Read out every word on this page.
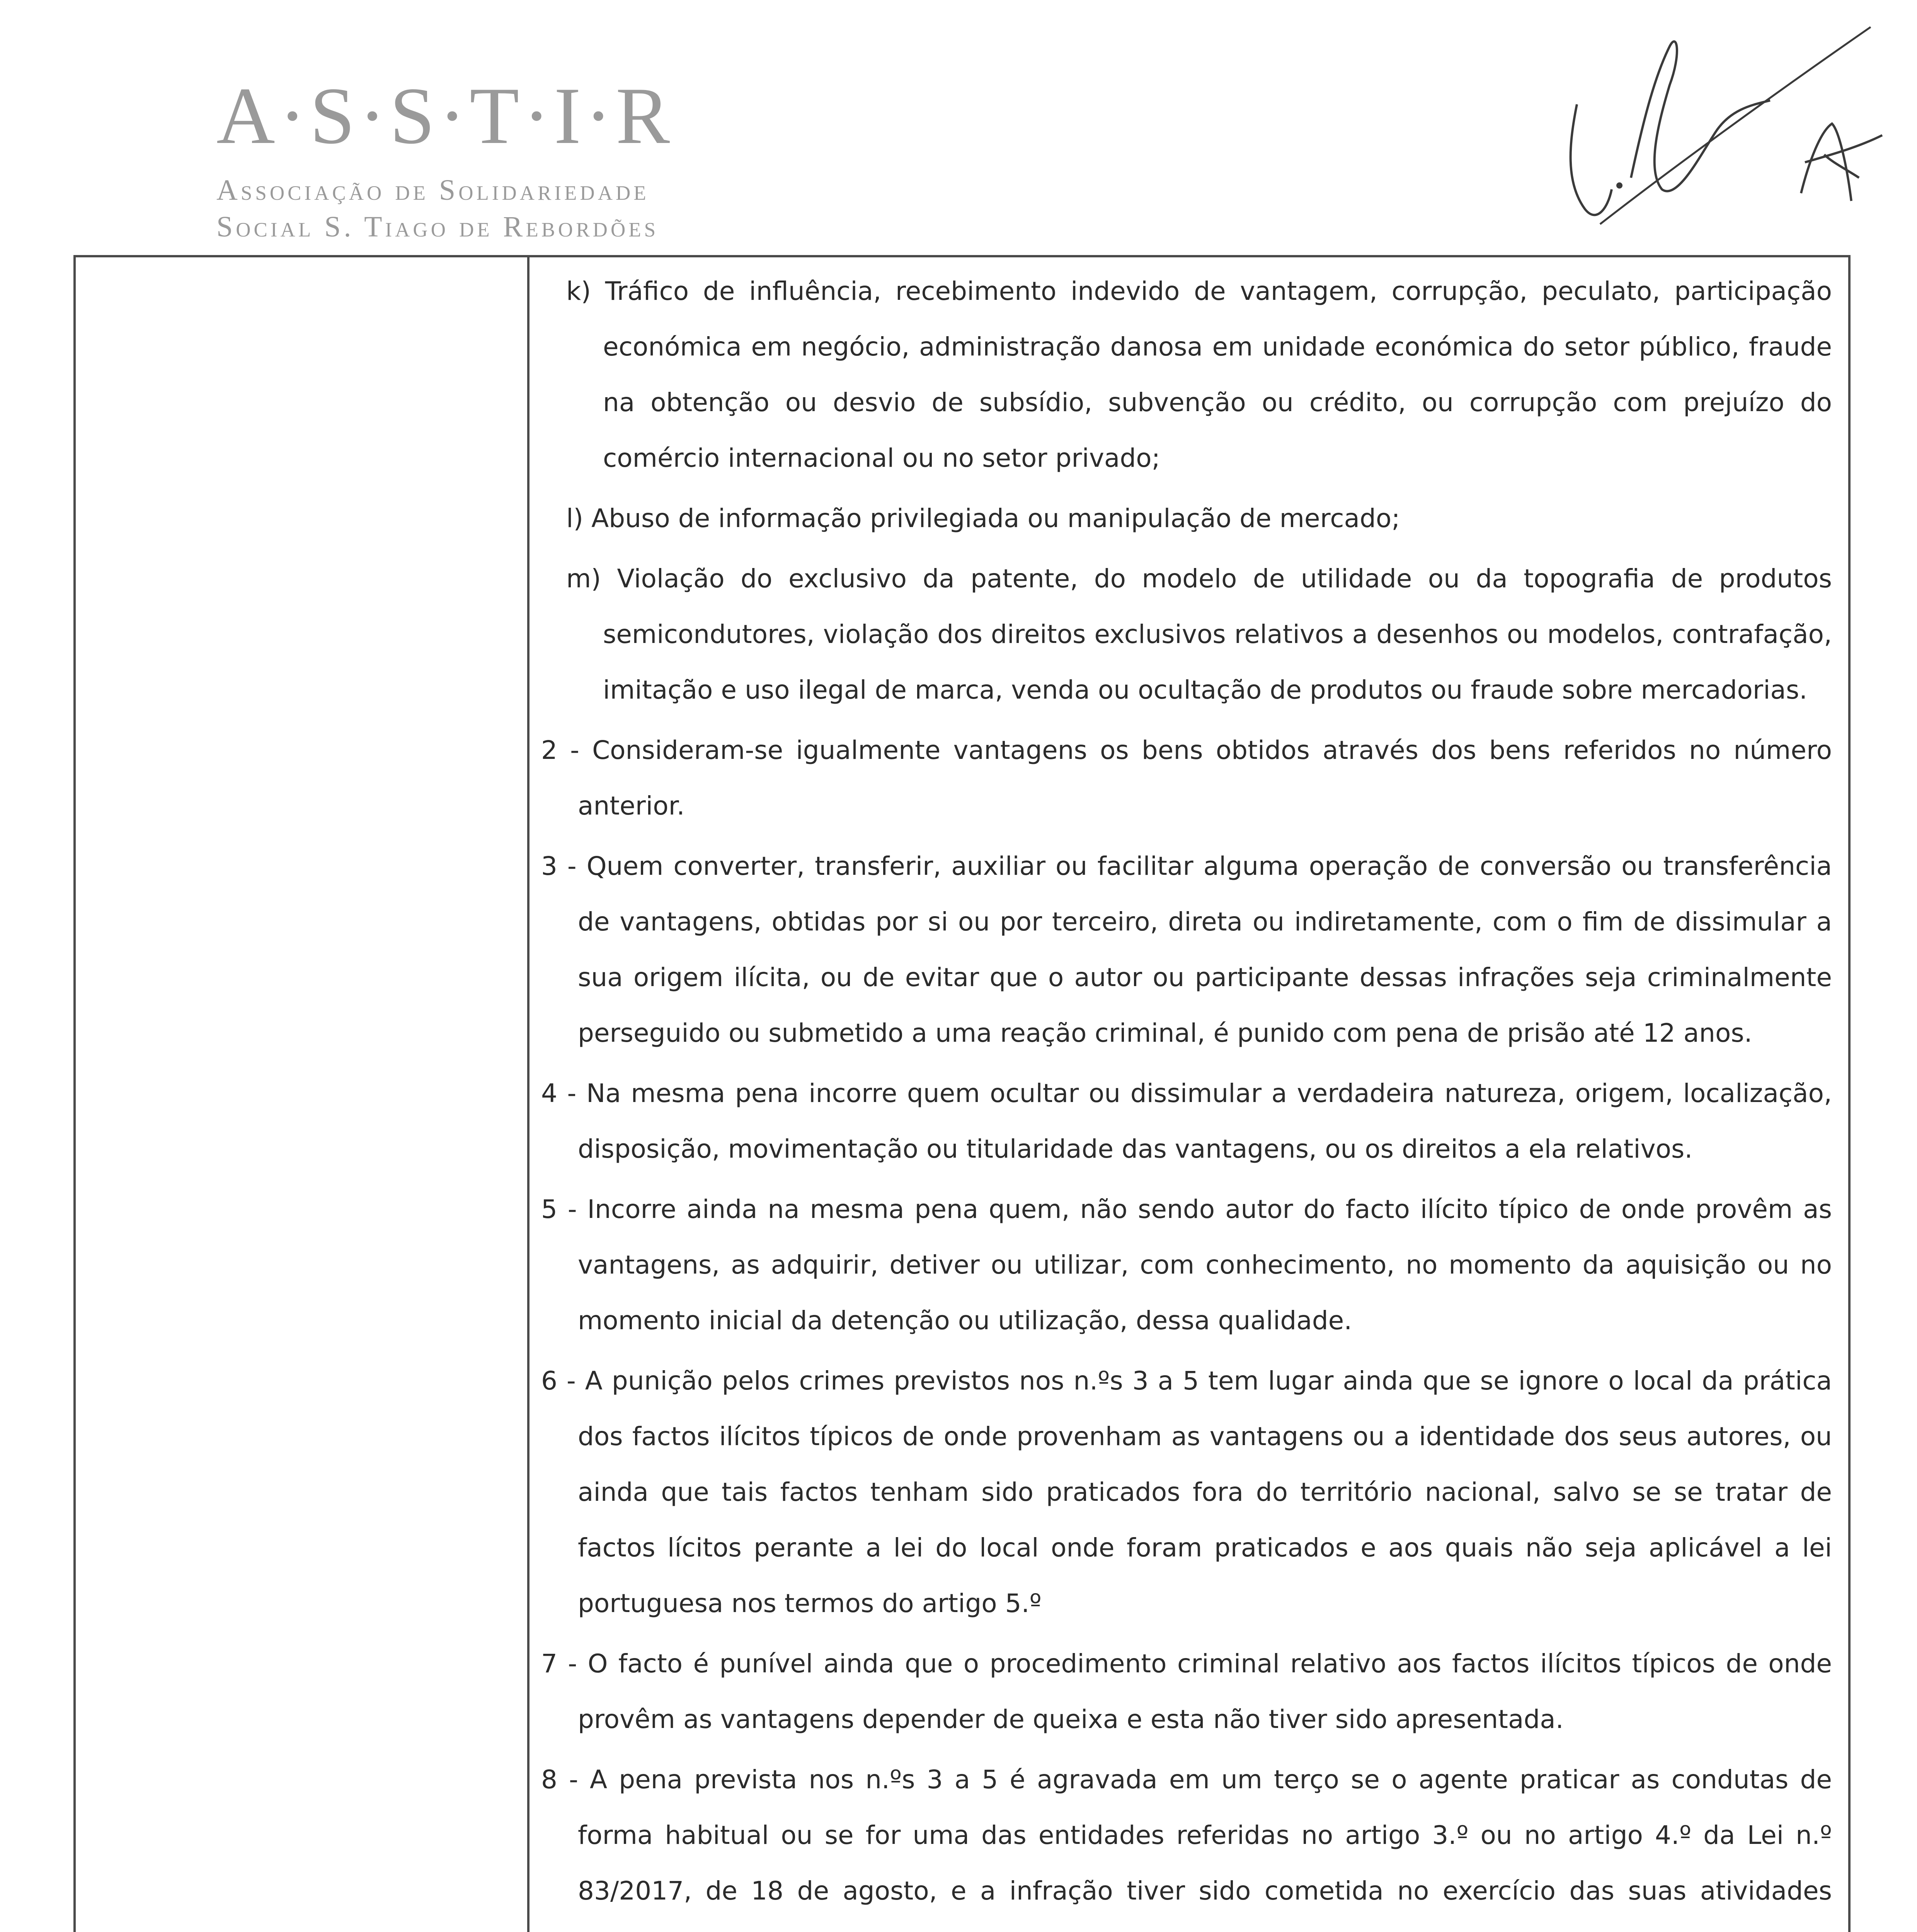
A·S·S·T·I·R
Associação de Solidariedade
Social S. Tiago de Rebordões

k) Tráfico de influência, recebimento indevido de vantagem, corrupção, peculato, participação económica em negócio, administração danosa em unidade económica do setor público, fraude na obtenção ou desvio de subsídio, subvenção ou crédito, ou corrupção com prejuízo do comércio internacional ou no setor privado;

l) Abuso de informação privilegiada ou manipulação de mercado;

m) Violação do exclusivo da patente, do modelo de utilidade ou da topografia de produtos semicondutores, violação dos direitos exclusivos relativos a desenhos ou modelos, contrafação, imitação e uso ilegal de marca, venda ou ocultação de produtos ou fraude sobre mercadorias.

2 - Consideram-se igualmente vantagens os bens obtidos através dos bens referidos no número anterior.

3 - Quem converter, transferir, auxiliar ou facilitar alguma operação de conversão ou transferência de vantagens, obtidas por si ou por terceiro, direta ou indiretamente, com o fim de dissimular a sua origem ilícita, ou de evitar que o autor ou participante dessas infrações seja criminalmente perseguido ou submetido a uma reação criminal, é punido com pena de prisão até 12 anos.

4 - Na mesma pena incorre quem ocultar ou dissimular a verdadeira natureza, origem, localização, disposição, movimentação ou titularidade das vantagens, ou os direitos a ela relativos.

5 - Incorre ainda na mesma pena quem, não sendo autor do facto ilícito típico de onde provêm as vantagens, as adquirir, detiver ou utilizar, com conhecimento, no momento da aquisição ou no momento inicial da detenção ou utilização, dessa qualidade.

6 - A punição pelos crimes previstos nos n.ºs 3 a 5 tem lugar ainda que se ignore o local da prática dos factos ilícitos típicos de onde provenham as vantagens ou a identidade dos seus autores, ou ainda que tais factos tenham sido praticados fora do território nacional, salvo se se tratar de factos lícitos perante a lei do local onde foram praticados e aos quais não seja aplicável a lei portuguesa nos termos do artigo 5.º

7 - O facto é punível ainda que o procedimento criminal relativo aos factos ilícitos típicos de onde provêm as vantagens depender de queixa e esta não tiver sido apresentada.

8 - A pena prevista nos n.ºs 3 a 5 é agravada em um terço se o agente praticar as condutas de forma habitual ou se for uma das entidades referidas no artigo 3.º ou no artigo 4.º da Lei n.º 83/2017, de 18 de agosto, e a infração tiver sido cometida no exercício das suas atividades
